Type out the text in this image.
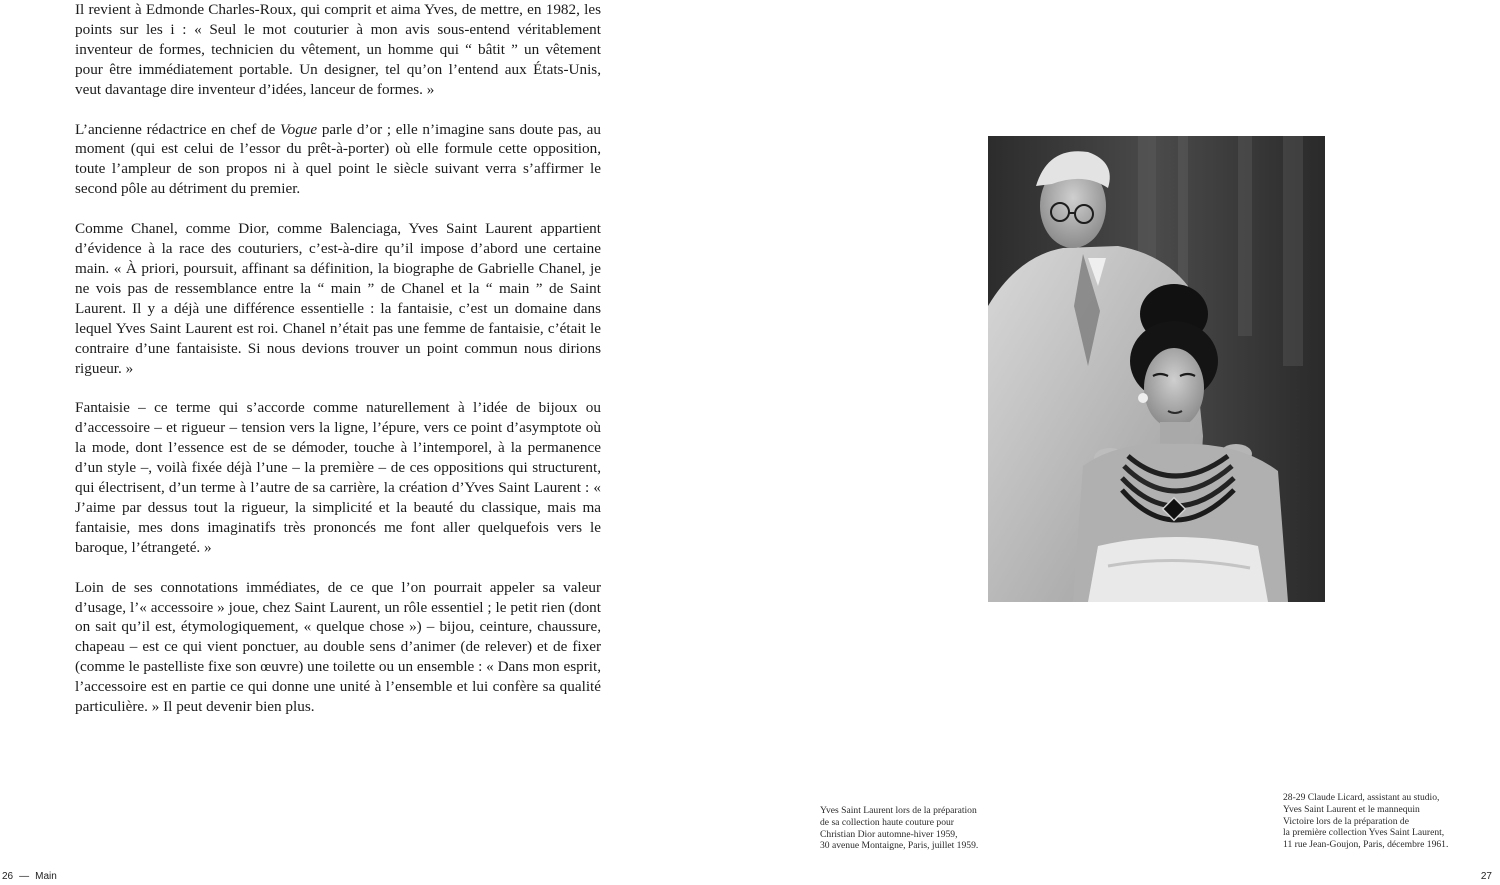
Il revient à Edmonde Charles-Roux, qui comprit et aima Yves, de mettre, en 1982, les points sur les i : « Seul le mot couturier à mon avis sous-entend véritablement inventeur de formes, technicien du vêtement, un homme qui “ bâtit ” un vêtement pour être immédiatement portable. Un designer, tel qu’on l’entend aux États-Unis, veut davantage dire inventeur d’idées, lanceur de formes. »

L’ancienne rédactrice en chef de Vogue parle d’or ; elle n’imagine sans doute pas, au moment (qui est celui de l’essor du prêt-à-porter) où elle formule cette opposition, toute l’ampleur de son propos ni à quel point le siècle suivant verra s’affirmer le second pôle au détriment du premier.

Comme Chanel, comme Dior, comme Balenciaga, Yves Saint Laurent appartient d’évidence à la race des couturiers, c’est-à-dire qu’il impose d’abord une certaine main. « À priori, poursuit, affinant sa définition, la biographe de Gabrielle Chanel, je ne vois pas de ressemblance entre la “ main ” de Chanel et la “ main ” de Saint Laurent. Il y a déjà une différence essentielle : la fantaisie, c’est un domaine dans lequel Yves Saint Laurent est roi. Chanel n’était pas une femme de fantaisie, c’était le contraire d’une fantaisiste. Si nous devions trouver un point commun nous dirions rigueur. »

Fantaisie – ce terme qui s’accorde comme naturellement à l’idée de bijoux ou d’accessoire – et rigueur – tension vers la ligne, l’épure, vers ce point d’asymptote où la mode, dont l’essence est de se démoder, touche à l’intemporel, à la permanence d’un style –, voilà fixée déjà l’une – la première – de ces oppositions qui structurent, qui électrisent, d’un terme à l’autre de sa carrière, la création d’Yves Saint Laurent : « J’aime par dessus tout la rigueur, la simplicité et la beauté du classique, mais ma fantaisie, mes dons imaginatifs très prononcés me font aller quelquefois vers le baroque, l’étrangeté. »

Loin de ses connotations immédiates, de ce que l’on pourrait appeler sa valeur d’usage, l’« accessoire » joue, chez Saint Laurent, un rôle essentiel ; le petit rien (dont on sait qu’il est, étymologiquement, « quelque chose ») – bijou, ceinture, chaussure, chapeau – est ce qui vient ponctuer, au double sens d’animer (de relever) et de fixer (comme le pastelliste fixe son œuvre) une toilette ou un ensemble : « Dans mon esprit, l’accessoire est en partie ce qui donne une unité à l’ensemble et lui confère sa qualité particulière. » Il peut devenir bien plus.

Yves Saint Laurent lors de la préparation
de sa collection haute couture pour
Christian Dior automne-hiver 1959,
30 avenue Montaigne, Paris, juillet 1959.

28-29 Claude Licard, assistant au studio,
Yves Saint Laurent et le mannequin
Victoire lors de la préparation de
la première collection Yves Saint Laurent,
11 rue Jean-Goujon, Paris, décembre 1961.

26 — Main	27
